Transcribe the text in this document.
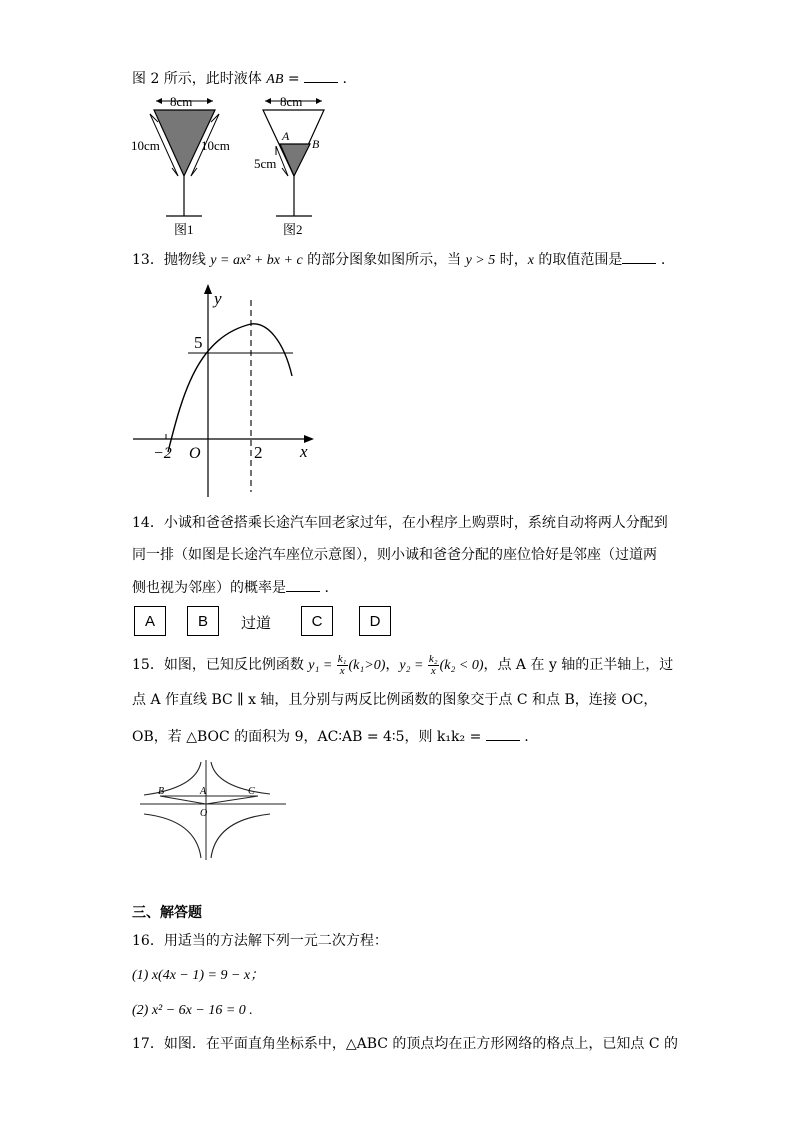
图 2 所示，此时液体 AB =  .
8cm
10cm	10cm
图1
8cm
A
B
5cm
图2
13．抛物线 y = ax² + bx + c 的部分图象如图所示，当 y > 5 时，x 的取值范围是 .
y
x
5
−2 O	2
14．小诚和爸爸搭乘长途汽车回老家过年，在小程序上购票时，系统自动将两人分配到
同一排（如图是长途汽车座位示意图），则小诚和爸爸分配的座位恰好是邻座（过道两
侧也视为邻座）的概率是 .
A	B	过道	C	D
15．如图，已知反比例函数 $y_1 = \frac{\text{k₁}}{x} (k_1>0)$，$y_2 = \frac{\text{k₂}}{x} (k_2 < 0)$，点 A 在 y 轴的正半轴上，过
点 A 作直线 BC ∥ x 轴，且分别与两反比例函数的图象交于点 C 和点 B，连接 OC，
OB，若 △BOC 的面积为 9，AC∶AB = 4∶5，则 k₁k₂ =  .
B	A	C
O
三、解答题
16．用适当的方法解下列一元二次方程：
(1) x(4x − 1) = 9 − x；
(2) x² − 6x − 16 = 0 .
17．如图．在平面直角坐标系中，△ABC 的顶点均在正方形网络的格点上，已知点 C 的
